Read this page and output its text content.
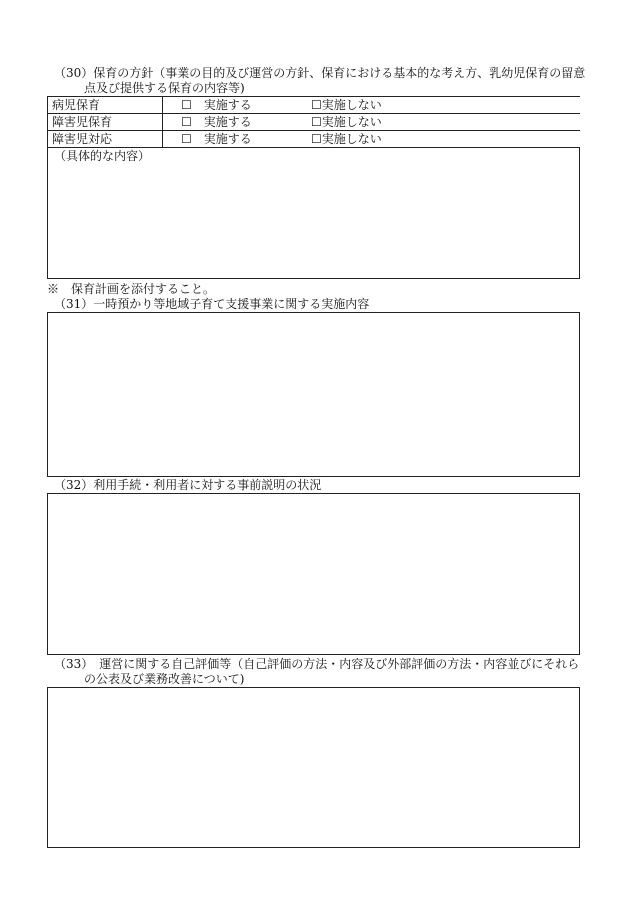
（30）保育の方針（事業の目的及び運営の方針、保育における基本的な考え方、乳幼児保育の留意
点及び提供する保育の内容等)
病児保育	☐　実施する ☐実施しない
障害児保育	☐　実施する ☐実施しない
障害児対応	☐　実施する ☐実施しない
（具体的な内容）
※　保育計画を添付すること。
（31）一時預かり等地域子育て支援事業に関する実施内容
（32）利用手続・利用者に対する事前説明の状況
（33）　運営に関する自己評価等（自己評価の方法・内容及び外部評価の方法・内容並びにそれら
の公表及び業務改善について)
